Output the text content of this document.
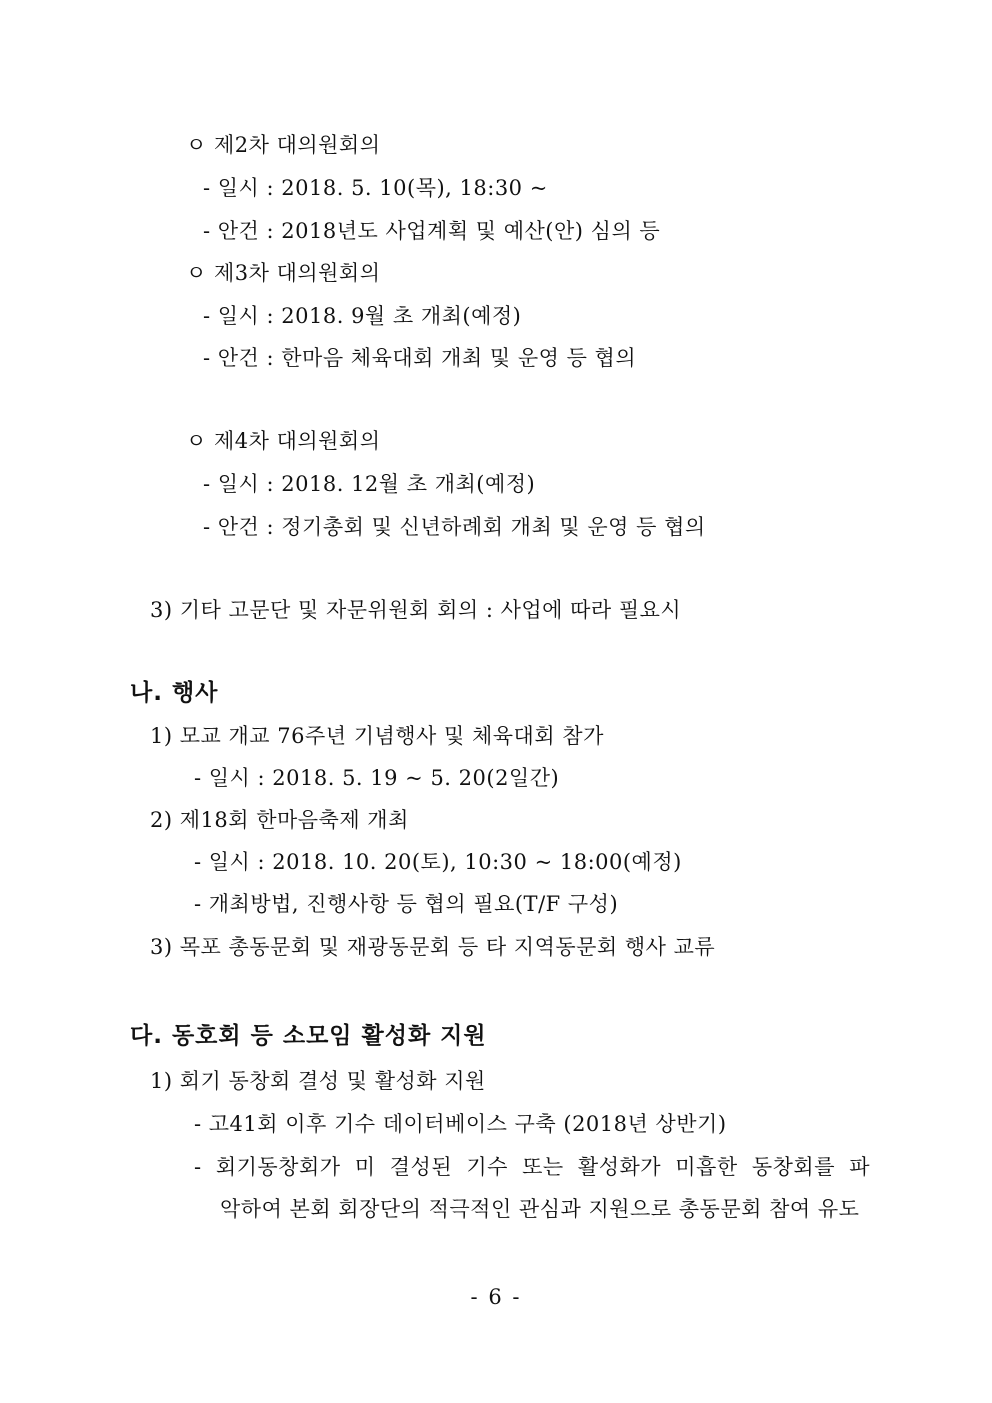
ㅇ 제2차 대의원회의
- 일시 : 2018. 5. 10(목), 18:30 ~
- 안건 : 2018년도 사업계획 및 예산(안) 심의 등
ㅇ 제3차 대의원회의
- 일시 : 2018. 9월 초 개최(예정)
- 안건 : 한마음 체육대회 개최 및 운영 등 협의
ㅇ 제4차 대의원회의
- 일시 : 2018. 12월 초 개최(예정)
- 안건 : 정기총회 및 신년하례회 개최 및 운영 등 협의
3) 기타 고문단 및 자문위원회 회의 : 사업에 따라 필요시
나. 행사
1) 모교 개교 76주년 기념행사 및 체육대회 참가
- 일시 : 2018. 5. 19 ~ 5. 20(2일간)
2) 제18회 한마음축제 개최
- 일시 : 2018. 10. 20(토), 10:30 ~ 18:00(예정)
- 개최방법, 진행사항 등 협의 필요(T/F 구성)
3) 목포 총동문회 및 재광동문회 등 타 지역동문회 행사 교류
다. 동호회 등 소모임 활성화 지원
1) 회기 동창회 결성 및 활성화 지원
- 고41회 이후 기수 데이터베이스 구축 (2018년 상반기)
- 회기동창회가 미 결성된 기수 또는 활성화가 미흡한 동창회를 파
악하여 본회 회장단의 적극적인 관심과 지원으로 총동문회 참여 유도
- 6 -
